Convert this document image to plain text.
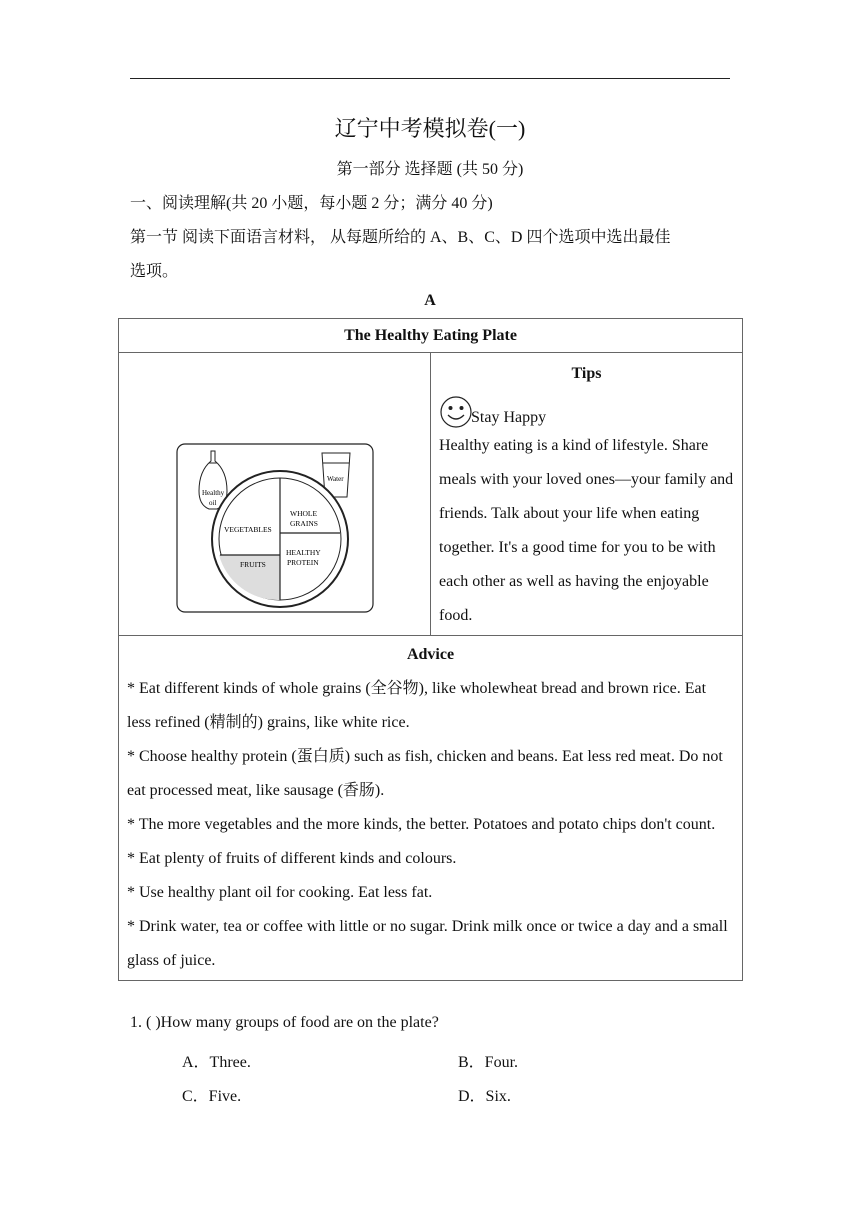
辽宁中考模拟卷(一)
第一部分 选择题 (共 50 分)
一、阅读理解(共 20 小题，每小题 2 分；满分 40 分)
第一节 阅读下面语言材料， 从每题所给的 A、B、C、D 四个选项中选出最佳
选项。
A
The Healthy Eating Plate

Healthy
oil
Water
VEGETABLES
WHOLE
GRAINS
FRUITS
HEALTHY
PROTEIN

Tips
Stay Happy
Healthy eating is a kind of lifestyle. Share meals with your loved ones—your family and friends. Talk about your life when eating together. It's a good time for you to be with each other as well as having the enjoyable food.

Advice
* Eat different kinds of whole grains (全谷物), like wholewheat bread and brown rice. Eat less refined (精制的) grains, like white rice.
* Choose healthy protein (蛋白质) such as fish, chicken and beans. Eat less red meat. Do not eat processed meat, like sausage (香肠).
* The more vegetables and the more kinds, the better. Potatoes and potato chips don't count.
* Eat plenty of fruits of different kinds and colours.
* Use healthy plant oil for cooking. Eat less fat.
* Drink water, tea or coffee with little or no sugar. Drink milk once or twice a day and a small glass of juice.
1. ( )How many groups of food are on the plate?
A．Three.	B．Four.
C．Five.	D．Six.
